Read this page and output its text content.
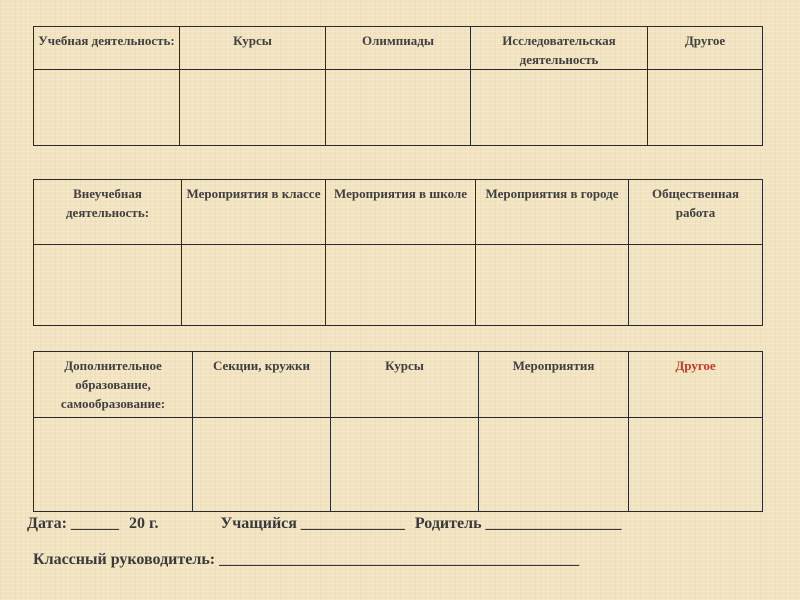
Учебная деятельность:	Курсы	Олимпиады	Исследовательская деятельность	Другое

Внеучебная деятельность:	Мероприятия в классе	Мероприятия в школе	Мероприятия в городе	Общественная работа

Дополнительное образование, самообразование:	Секции, кружки	Курсы	Мероприятия	Другое

Дата: ______ 20 г.	Учащийся _____________ Родитель _________________
Классный руководитель: _____________________________________________
